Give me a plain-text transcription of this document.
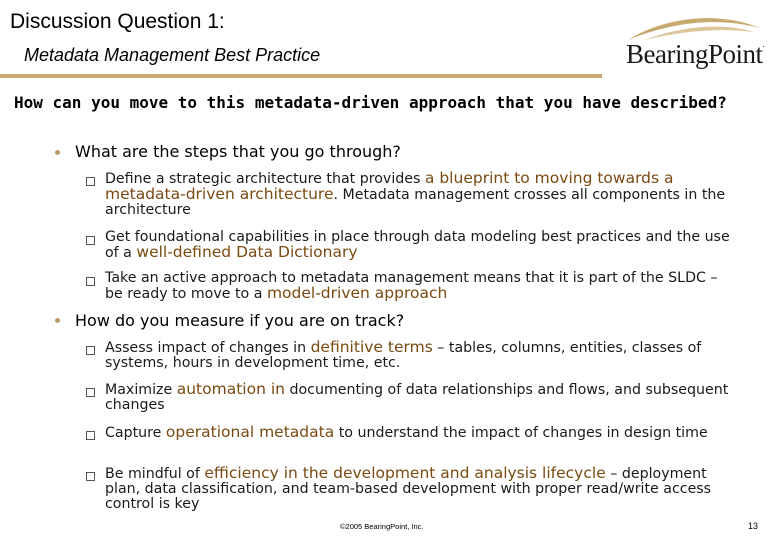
Discussion Question 1:
Metadata Management Best Practice	BearingPoint.
How can you move to this metadata-driven approach that you have described?
What are the steps that you go through?
Define a strategic architecture that provides a blueprint to moving towards a metadata-driven architecture. Metadata management crosses all components in the architecture
Get foundational capabilities in place through data modeling best practices and the use of a well-defined Data Dictionary
Take an active approach to metadata management means that it is part of the SLDC – be ready to move to a model-driven approach
How do you measure if you are on track?
Assess impact of changes in definitive terms – tables, columns, entities, classes of systems, hours in development time, etc.
Maximize automation in documenting of data relationships and flows, and subsequent changes
Capture operational metadata to understand the impact of changes in design time
Be mindful of efficiency in the development and analysis lifecycle – deployment plan, data classification, and team-based development with proper read/write access control is key
©2005 BearingPoint, Inc.	13
